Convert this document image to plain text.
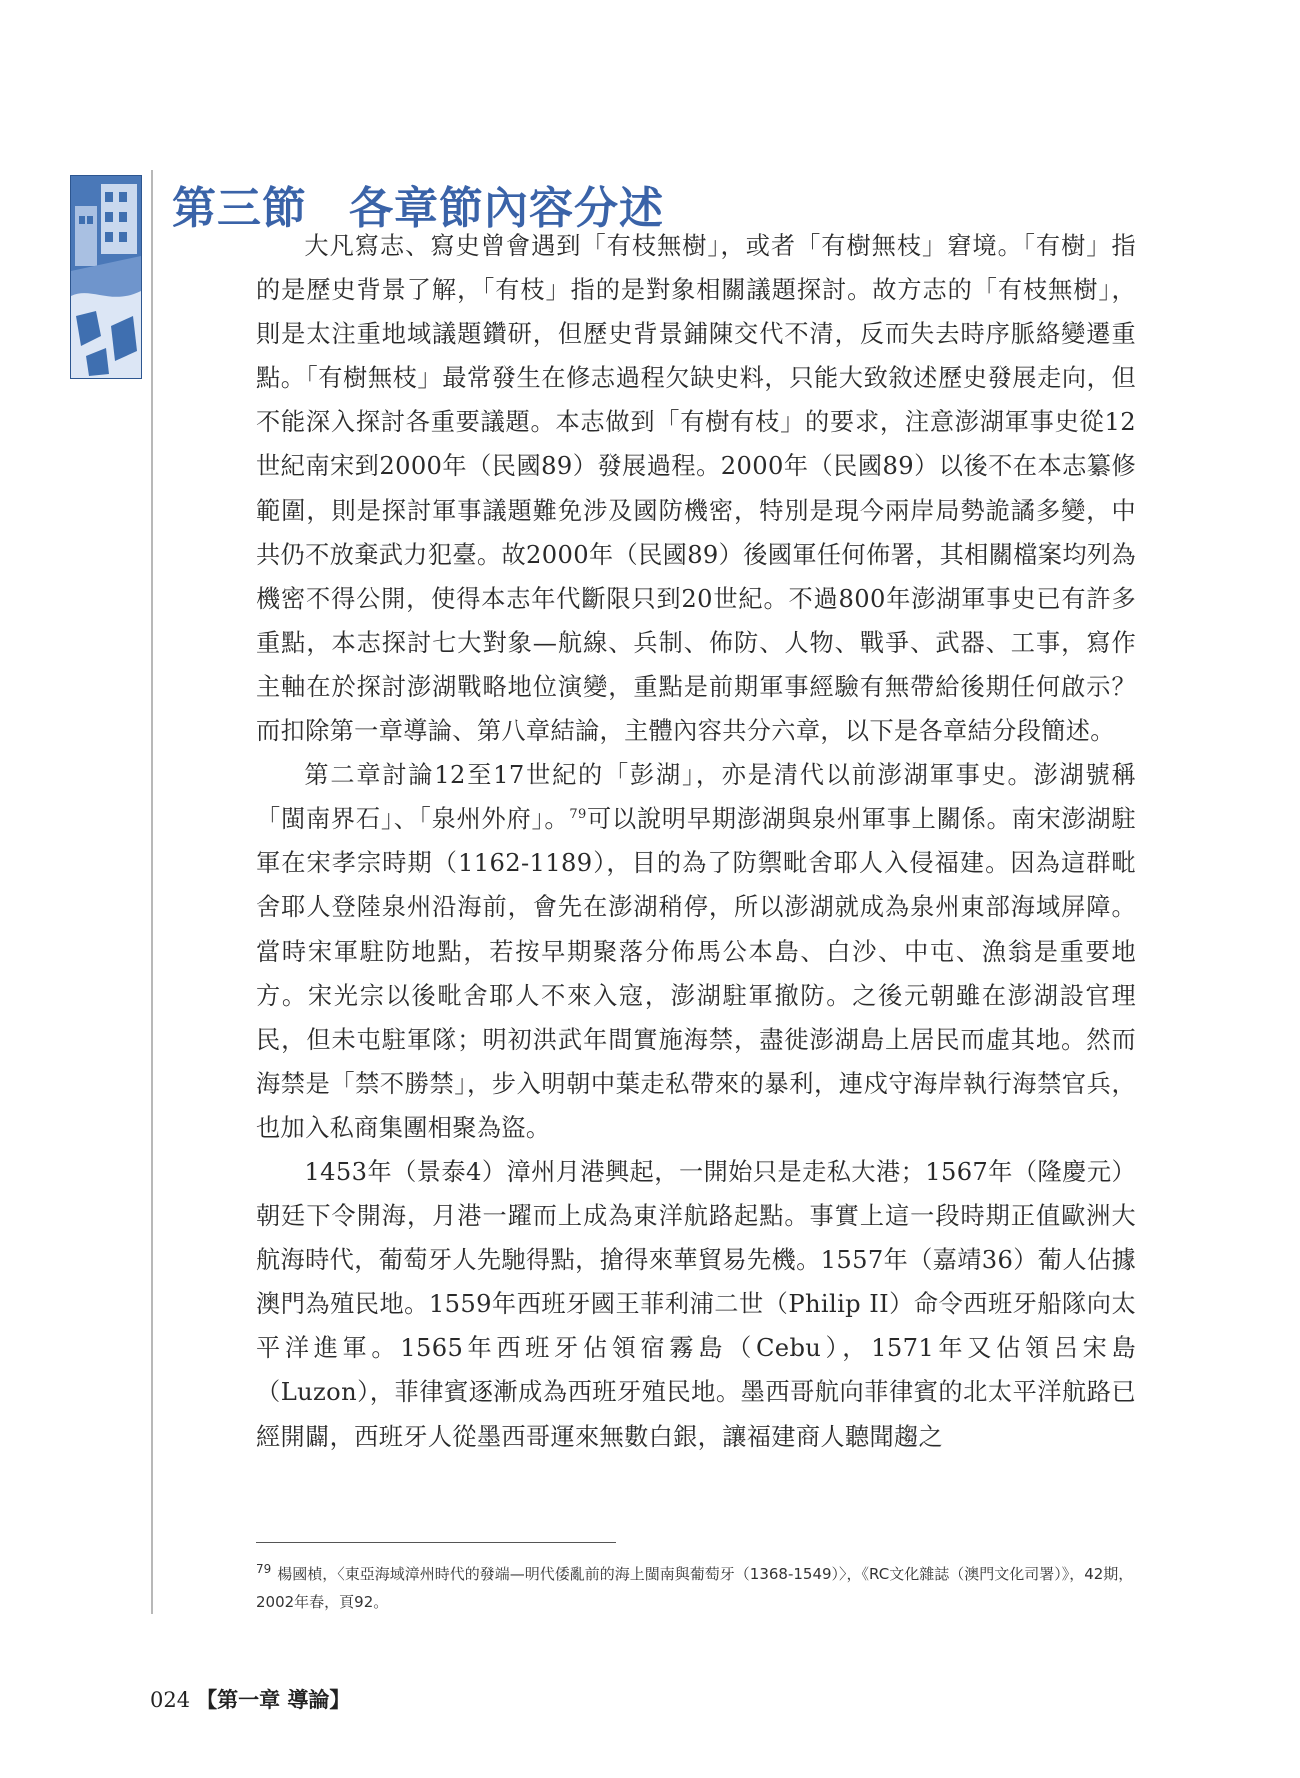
第三節 各章節內容分述

大凡寫志、寫史曾會遇到「有枝無樹」，或者「有樹無枝」窘境。「有樹」指的是歷史背景了解，「有枝」指的是對象相關議題探討。故方志的「有枝無樹」，則是太注重地域議題鑽研，但歷史背景鋪陳交代不清，反而失去時序脈絡變遷重點。「有樹無枝」最常發生在修志過程欠缺史料，只能大致敘述歷史發展走向，但不能深入探討各重要議題。本志做到「有樹有枝」的要求，注意澎湖軍事史從12世紀南宋到2000年（民國89）發展過程。2000年（民國89）以後不在本志纂修範圍，則是探討軍事議題難免涉及國防機密，特別是現今兩岸局勢詭譎多變，中共仍不放棄武力犯臺。故2000年（民國89）後國軍任何佈署，其相關檔案均列為機密不得公開，使得本志年代斷限只到20世紀。不過800年澎湖軍事史已有許多重點，本志探討七大對象—航線、兵制、佈防、人物、戰爭、武器、工事，寫作主軸在於探討澎湖戰略地位演變，重點是前期軍事經驗有無帶給後期任何啟示？而扣除第一章導論、第八章結論，主體內容共分六章，以下是各章結分段簡述。

第二章討論12至17世紀的「彭湖」，亦是清代以前澎湖軍事史。澎湖號稱「閩南界石」、「泉州外府」。$^{79}$可以說明早期澎湖與泉州軍事上關係。南宋澎湖駐軍在宋孝宗時期（1162-1189），目的為了防禦毗舍耶人入侵福建。因為這群毗舍耶人登陸泉州沿海前，會先在澎湖稍停，所以澎湖就成為泉州東部海域屏障。當時宋軍駐防地點，若按早期聚落分佈馬公本島、白沙、中屯、漁翁是重要地方。宋光宗以後毗舍耶人不來入寇，澎湖駐軍撤防。之後元朝雖在澎湖設官理民，但未屯駐軍隊；明初洪武年間實施海禁，盡徙澎湖島上居民而虛其地。然而海禁是「禁不勝禁」，步入明朝中葉走私帶來的暴利，連戍守海岸執行海禁官兵，也加入私商集團相聚為盜。

1453年（景泰4）漳州月港興起，一開始只是走私大港；1567年（隆慶元）朝廷下令開海，月港一躍而上成為東洋航路起點。事實上這一段時期正值歐洲大航海時代，葡萄牙人先馳得點，搶得來華貿易先機。1557年（嘉靖36）葡人佔據澳門為殖民地。1559年西班牙國王菲利浦二世（Philip II）命令西班牙船隊向太平洋進軍。1565年西班牙佔領宿霧島（Cebu），1571年又佔領呂宋島（Luzon），菲律賓逐漸成為西班牙殖民地。墨西哥航向菲律賓的北太平洋航路已經開闢，西班牙人從墨西哥運來無數白銀，讓福建商人聽聞趨之

$^{79}$ 楊國楨，〈東亞海域漳州時代的發端—明代倭亂前的海上閩南與葡萄牙（1368-1549）〉，《RC文化雜誌（澳門文化司署）》，42期，2002年春，頁92。

024 【第一章 導論】
